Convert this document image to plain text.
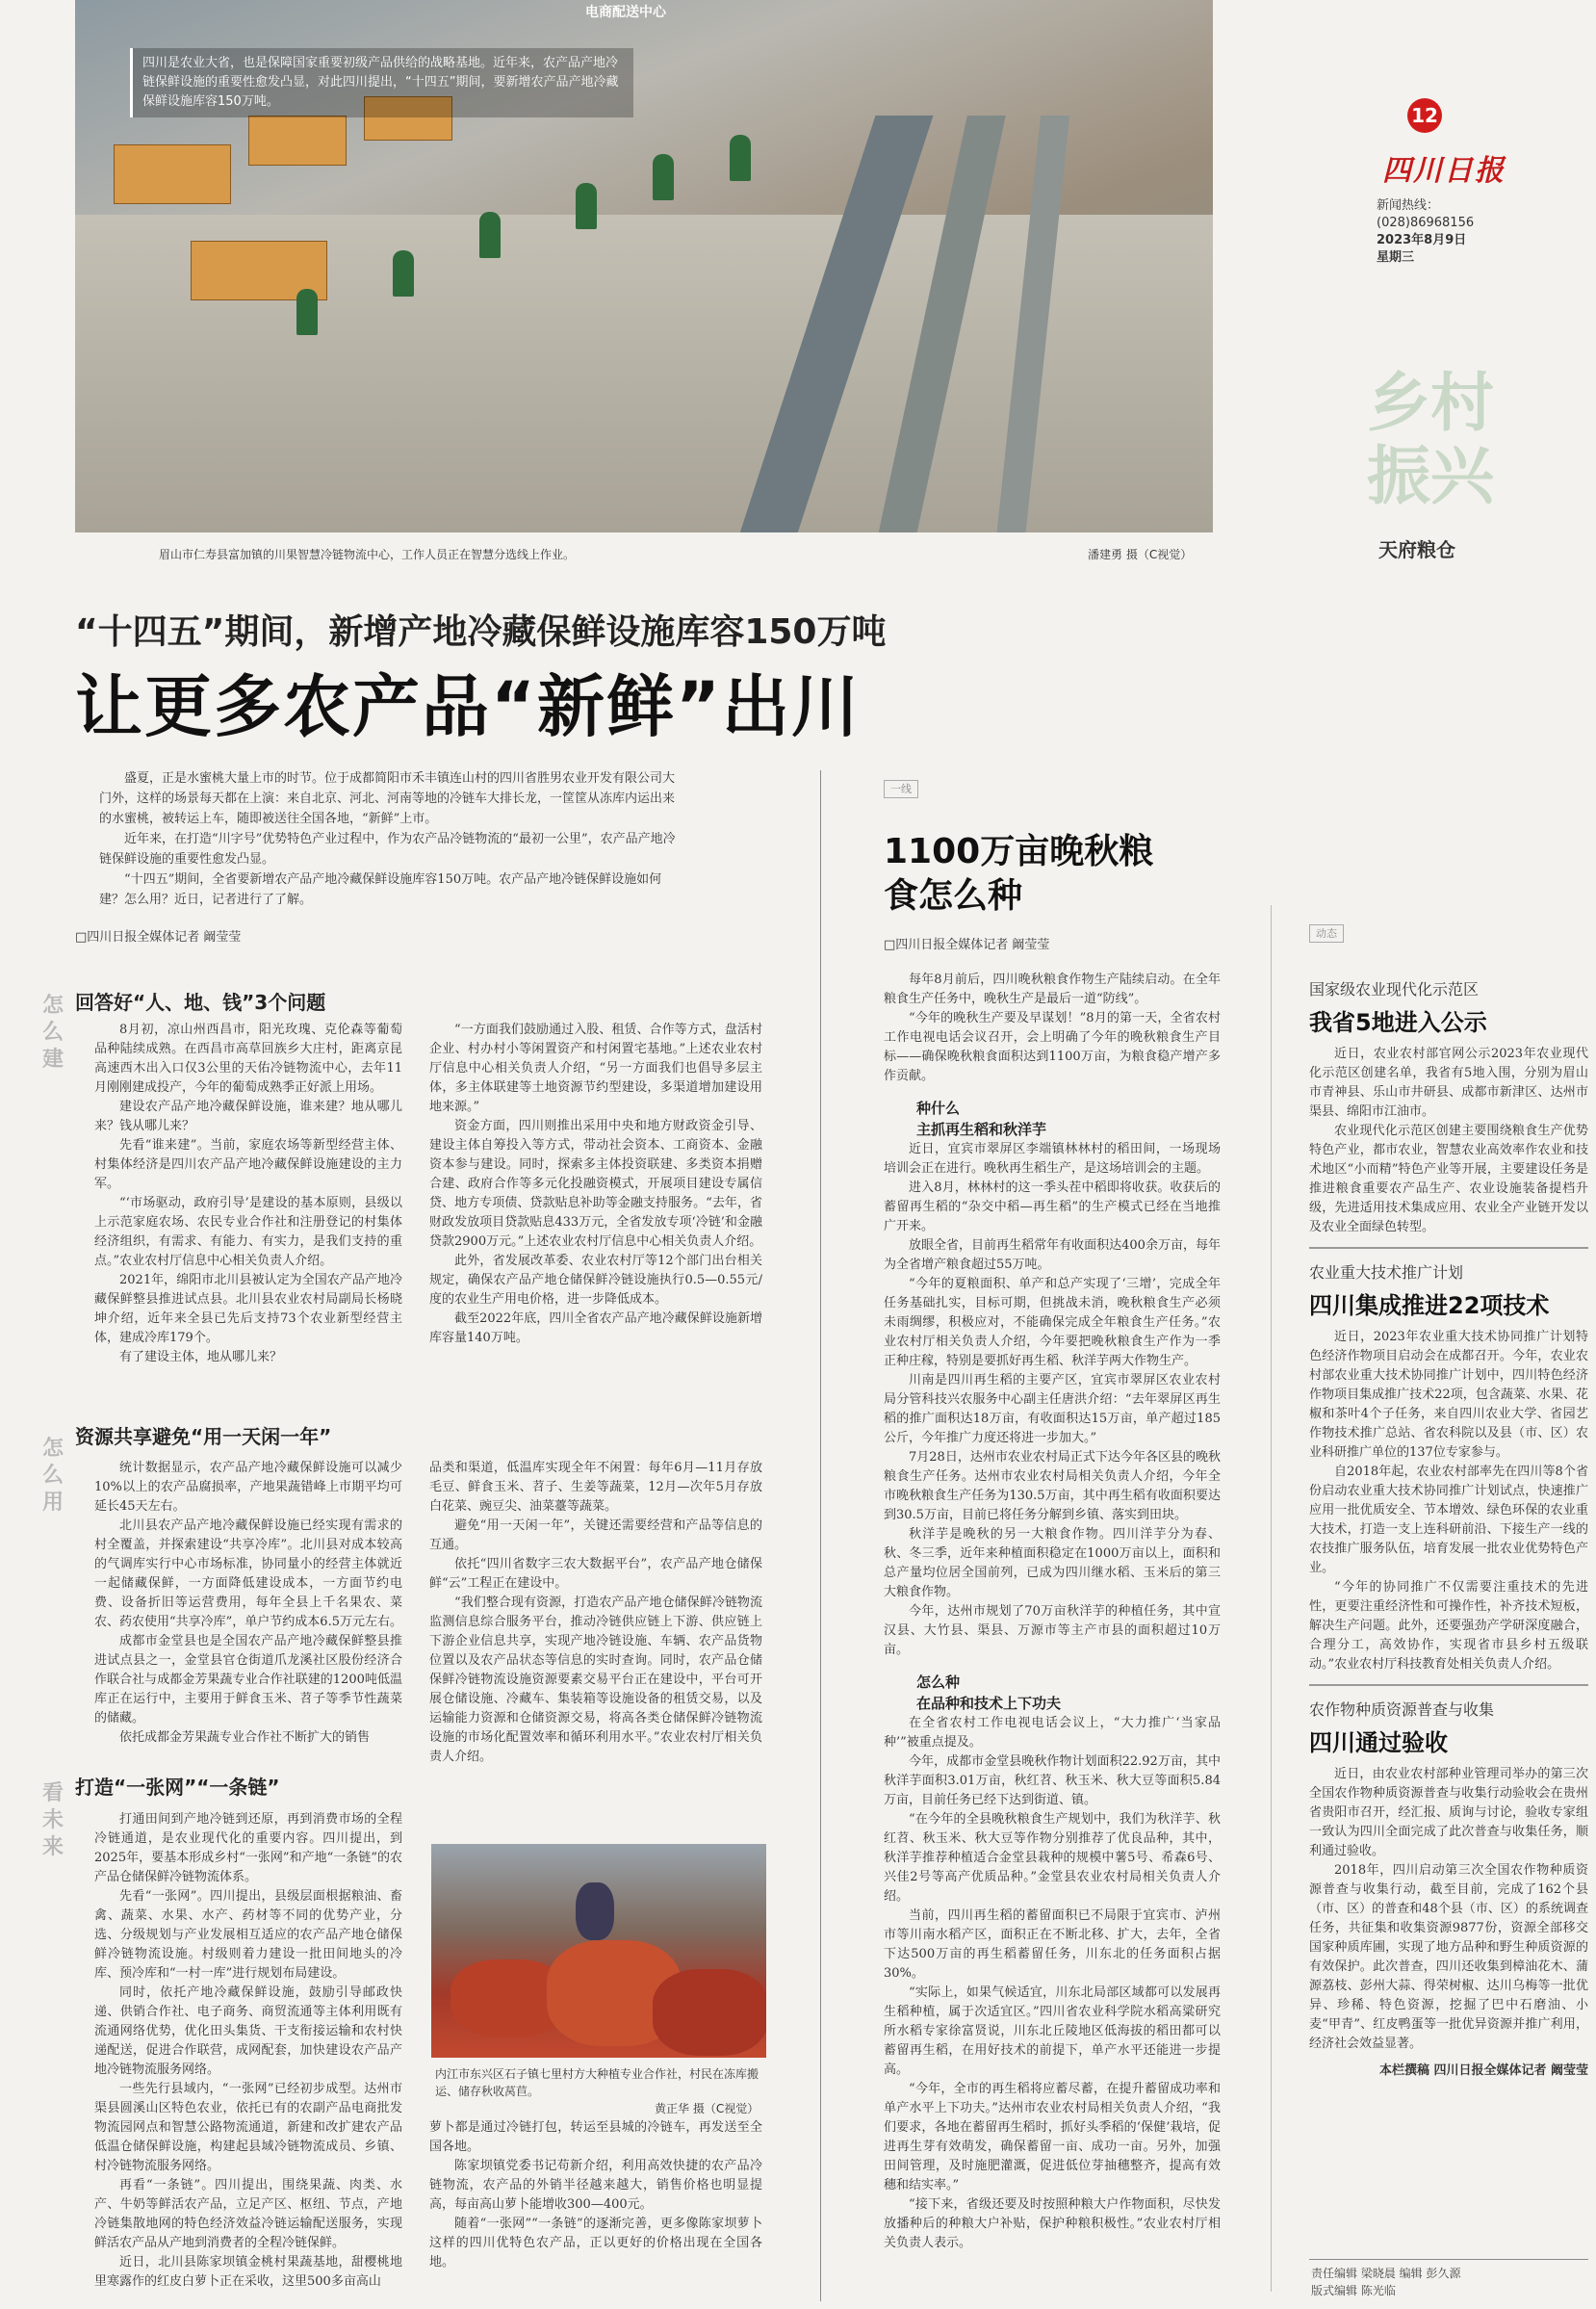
电商配送中心
四川是农业大省，也是保障国家重要初级产品供给的战略基地。近年来，农产品产地冷链保鲜设施的重要性愈发凸显，对此四川提出，“十四五”期间，要新增农产品产地冷藏保鲜设施库容150万吨。
眉山市仁寿县富加镇的川果智慧冷链物流中心，工作人员正在智慧分选线上作业。	潘建勇 摄（C视觉）
12
四川日报
新闻热线：
(028)86968156
2023年8月9日
星期三
乡村振兴
天府粮仓
“十四五”期间，新增产地冷藏保鲜设施库容150万吨
让更多农产品“新鲜”出川

盛夏，正是水蜜桃大量上市的时节。位于成都简阳市禾丰镇连山村的四川省胜男农业开发有限公司大门外，这样的场景每天都在上演：来自北京、河北、河南等地的冷链车大排长龙，一筐筐从冻库内运出来的水蜜桃，被转运上车，随即被送往全国各地，“新鲜”上市。

近年来，在打造“川字号”优势特色产业过程中，作为农产品冷链物流的“最初一公里”，农产品产地冷链保鲜设施的重要性愈发凸显。

“十四五”期间，全省要新增农产品产地冷藏保鲜设施库容150万吨。农产品产地冷链保鲜设施如何建？怎么用？近日，记者进行了了解。

□四川日报全媒体记者 阚莹莹
怎么建
回答好“人、地、钱”3个问题

8月初，凉山州西昌市，阳光玫瑰、克伦森等葡萄品种陆续成熟。在西昌市高草回族乡大庄村，距离京昆高速西木出入口仅3公里的天佑冷链物流中心，去年11月刚刚建成投产，今年的葡萄成熟季正好派上用场。

建设农产品产地冷藏保鲜设施，谁来建？地从哪儿来？钱从哪儿来？

先看“谁来建”。当前，家庭农场等新型经营主体、村集体经济是四川农产品产地冷藏保鲜设施建设的主力军。

“‘市场驱动，政府引导’是建设的基本原则，县级以上示范家庭农场、农民专业合作社和注册登记的村集体经济组织，有需求、有能力、有实力，是我们支持的重点。”农业农村厅信息中心相关负责人介绍。

2021年，绵阳市北川县被认定为全国农产品产地冷藏保鲜整县推进试点县。北川县农业农村局副局长杨晓坤介绍，近年来全县已先后支持73个农业新型经营主体，建成冷库179个。

有了建设主体，地从哪儿来？

“一方面我们鼓励通过入股、租赁、合作等方式，盘活村企业、村办村小等闲置资产和村闲置宅基地。”上述农业农村厅信息中心相关负责人介绍，“另一方面我们也倡导多层主体，多主体联建等土地资源节约型建设，多渠道增加建设用地来源。”

资金方面，四川则推出采用中央和地方财政资金引导、建设主体自筹投入等方式，带动社会资本、工商资本、金融资本参与建设。同时，探索多主体投资联建、多类资本捐赠合建、政府合作等多元化投融资模式，开展项目建设专属信贷、地方专项债、贷款贴息补助等金融支持服务。“去年，省财政发放项目贷款贴息433万元，全省发放专项‘冷链’和金融贷款2900万元。”上述农业农村厅信息中心相关负责人介绍。

此外，省发展改革委、农业农村厅等12个部门出台相关规定，确保农产品产地仓储保鲜冷链设施执行0.5—0.55元/度的农业生产用电价格，进一步降低成本。

截至2022年底，四川全省农产品产地冷藏保鲜设施新增库容量140万吨。

怎么用
资源共享避免“用一天闲一年”

统计数据显示，农产品产地冷藏保鲜设施可以减少10%以上的农产品腐损率，产地果蔬错峰上市期平均可延长45天左右。

北川县农产品产地冷藏保鲜设施已经实现有需求的村全覆盖，并探索建设“共享冷库”。北川县对成本较高的气调库实行中心市场标准，协同量小的经营主体就近一起储藏保鲜，一方面降低建设成本，一方面节约电费、设备折旧等运营费用，每年全县上千名果农、菜农、药农使用“共享冷库”，单户节约成本6.5万元左右。

成都市金堂县也是全国农产品产地冷藏保鲜整县推进试点县之一，金堂县官仓街道爪龙溪社区股份经济合作联合社与成都金芳果蔬专业合作社联建的1200吨低温库正在运行中，主要用于鲜食玉米、苕子等季节性蔬菜的储藏。

依托成都金芳果蔬专业合作社不断扩大的销售

品类和渠道，低温库实现全年不闲置：每年6月—11月存放毛豆、鲜食玉米、苕子、生姜等蔬菜，12月—次年5月存放白花菜、豌豆尖、油菜薹等蔬菜。

避免“用一天闲一年”，关键还需要经营和产品等信息的互通。

依托“四川省数字三农大数据平台”，农产品产地仓储保鲜“云”工程正在建设中。

“我们整合现有资源，打造农产品产地仓储保鲜冷链物流监测信息综合服务平台，推动冷链供应链上下游、供应链上下游企业信息共享，实现产地冷链设施、车辆、农产品货物位置以及农产品状态等信息的实时查询。同时，农产品仓储保鲜冷链物流设施资源要素交易平台正在建设中，平台可开展仓储设施、冷藏车、集装箱等设施设备的租赁交易，以及运输能力资源和仓储资源交易，将高各类仓储保鲜冷链物流设施的市场化配置效率和循环利用水平。”农业农村厅相关负责人介绍。

看未来
打造“一张网”“一条链”

打通田间到产地冷链到还原，再到消费市场的全程冷链通道，是农业现代化的重要内容。四川提出，到2025年，要基本形成乡村“一张网”和产地“一条链”的农产品仓储保鲜冷链物流体系。

先看“一张网”。四川提出，县级层面根据粮油、畜禽、蔬菜、水果、水产、药材等不同的优势产业，分选、分级规划与产业发展相互适应的农产品产地仓储保鲜冷链物流设施。村级则着力建设一批田间地头的冷库、预冷库和“一村一库”进行规划布局建设。

同时，依托产地冷藏保鲜设施，鼓励引导邮政快递、供销合作社、电子商务、商贸流通等主体利用既有流通网络优势，优化田头集货、干支衔接运输和农村快递配送，促进合作联营，成网配套，加快建设农产品产地冷链物流服务网络。

一些先行县域内，“一张网”已经初步成型。达州市渠县圆溪山区特色农业，依托已有的农副产品电商批发物流园网点和智慧公路物流通道，新建和改扩建农产品低温仓储保鲜设施，构建起县域冷链物流成员、乡镇、村冷链物流服务网络。

再看“一条链”。四川提出，围绕果蔬、肉类、水产、牛奶等鲜活农产品，立足产区、枢纽、节点，产地冷链集散地网的特色经济效益冷链运输配送服务，实现鲜活农产品从产地到消费者的全程冷链保鲜。

近日，北川县陈家坝镇金桃村果蔬基地，甜樱桃地里寒露作的红皮白萝卜正在采收，这里500多亩高山

内江市东兴区石子镇七里村方大种植专业合作社，村民在冻库搬运、储存秋收莴苣。
黄正华 摄（C视觉）

萝卜都是通过冷链打包，转运至县城的冷链车，再发送至全国各地。

陈家坝镇党委书记苟新介绍，利用高效快捷的农产品冷链物流，农产品的外销半径越来越大，销售价格也明显提高，每亩高山萝卜能增收300—400元。

随着“一张网”“一条链”的逐渐完善，更多像陈家坝萝卜这样的四川优特色农产品，正以更好的价格出现在全国各地。

一线
1100万亩晚秋粮食怎么种
□四川日报全媒体记者 阚莹莹

每年8月前后，四川晚秋粮食作物生产陆续启动。在全年粮食生产任务中，晚秋生产是最后一道“防线”。

“今年的晚秋生产要及早谋划！”8月的第一天，全省农村工作电视电话会议召开，会上明确了今年的晚秋粮食生产目标——确保晚秋粮食面积达到1100万亩，为粮食稳产增产多作贡献。

种什么
主抓再生稻和秋洋芋

近日，宜宾市翠屏区李端镇林林村的稻田间，一场现场培训会正在进行。晚秋再生稻生产，是这场培训会的主题。

进入8月，林林村的这一季头茬中稻即将收获。收获后的蓄留再生稻的“杂交中稻—再生稻”的生产模式已经在当地推广开来。

放眼全省，目前再生稻常年有收面积达400余万亩，每年为全省增产粮食超过55万吨。

“今年的夏粮面积、单产和总产实现了‘三增’，完成全年任务基础扎实，目标可期，但挑战未消，晚秋粮食生产必须未雨绸缪，积极应对，不能确保完成全年粮食生产任务。”农业农村厅相关负责人介绍，今年要把晚秋粮食生产作为一季正种庄稼，特别是要抓好再生稻、秋洋芋两大作物生产。

川南是四川再生稻的主要产区，宜宾市翠屏区农业农村局分管科技兴农服务中心副主任唐洪介绍：“去年翠屏区再生稻的推广面积达18万亩，有收面积达15万亩，单产超过185公斤，今年推广力度还将进一步加大。”

7月28日，达州市农业农村局正式下达今年各区县的晚秋粮食生产任务。达州市农业农村局相关负责人介绍，今年全市晚秋粮食生产任务为130.5万亩，其中再生稻有收面积要达到30.5万亩，目前已将任务分解到乡镇、落实到田块。

秋洋芋是晚秋的另一大粮食作物。四川洋芋分为春、秋、冬三季，近年来种植面积稳定在1000万亩以上，面积和总产量均位居全国前列，已成为四川继水稻、玉米后的第三大粮食作物。

今年，达州市规划了70万亩秋洋芋的种植任务，其中宣汉县、大竹县、渠县、万源市等主产市县的面积超过10万亩。

怎么种
在品种和技术上下功夫

在全省农村工作电视电话会议上，“大力推广‘当家品种’”被重点提及。

今年，成都市金堂县晚秋作物计划面积22.92万亩，其中秋洋芋面积3.01万亩，秋红苕、秋玉米、秋大豆等面积5.84万亩，目前任务已经下达到街道、镇。

“在今年的全县晚秋粮食生产规划中，我们为秋洋芋、秋红苕、秋玉米、秋大豆等作物分别推荐了优良品种，其中，秋洋芋推荐种植适合金堂县栽种的规模中薯5号、希森6号、兴佳2号等高产优质品种。”金堂县农业农村局相关负责人介绍。

当前，四川再生稻的蓄留面积已不局限于宜宾市、泸州市等川南水稻产区，面积正在不断北移、扩大，去年，全省下达500万亩的再生稻蓄留任务，川东北的任务面积占据30%。

“实际上，如果气候适宜，川东北局部区域都可以发展再生稻种植，属于次适宜区。”四川省农业科学院水稻高粱研究所水稻专家徐富贤说，川东北丘陵地区低海拔的稻田都可以蓄留再生稻，在用好技术的前提下，单产水平还能进一步提高。

“今年，全市的再生稻将应蓄尽蓄，在提升蓄留成功率和单产水平上下功夫。”达州市农业农村局相关负责人介绍，“我们要求，各地在蓄留再生稻时，抓好头季稻的‘保健’栽培，促进再生芽有效萌发，确保蓄留一亩、成功一亩。另外，加强田间管理，及时施肥灌溉，促进低位芽抽穗整齐，提高有效穗和结实率。”

“接下来，省级还要及时按照种粮大户作物面积，尽快发放播种后的种粮大户补贴，保护种粮积极性。”农业农村厅相关负责人表示。

动态
国家级农业现代化示范区
我省5地进入公示

近日，农业农村部官网公示2023年农业现代化示范区创建名单，我省有5地入围，分别为眉山市青神县、乐山市井研县、成都市新津区、达州市渠县、绵阳市江油市。

农业现代化示范区创建主要围绕粮食生产优势特色产业，都市农业，智慧农业高效率作农业和技术地区“小而精”特色产业等开展，主要建设任务是推进粮食重要农产品生产、农业设施装备提档升级，先进适用技术集成应用、农业全产业链开发以及农业全面绿色转型。

农业重大技术推广计划
四川集成推进22项技术

近日，2023年农业重大技术协同推广计划特色经济作物项目启动会在成都召开。今年，农业农村部农业重大技术协同推广计划中，四川特色经济作物项目集成推广技术22项，包含蔬菜、水果、花椒和茶叶4个子任务，来自四川农业大学、省园艺作物技术推广总站、省农科院以及县（市、区）农业科研推广单位的137位专家参与。

自2018年起，农业农村部率先在四川等8个省份启动农业重大技术协同推广计划试点，快速推广应用一批优质安全、节本增效、绿色环保的农业重大技术，打造一支上连科研前沿、下接生产一线的农技推广服务队伍，培育发展一批农业优势特色产业。

“今年的协同推广不仅需要注重技术的先进性，更要注重经济性和可操作性，补齐技术短板，解决生产问题。此外，还要强劲产学研深度融合，合理分工，高效协作，实现省市县乡村五级联动。”农业农村厅科技教育处相关负责人介绍。

农作物种质资源普查与收集
四川通过验收

近日，由农业农村部种业管理司举办的第三次全国农作物种质资源普查与收集行动验收会在贵州省贵阳市召开，经汇报、质询与讨论，验收专家组一致认为四川全面完成了此次普查与收集任务，顺利通过验收。

2018年，四川启动第三次全国农作物种质资源普查与收集行动，截至目前，完成了162个县（市、区）的普查和48个县（市、区）的系统调查任务，共征集和收集资源9877份，资源全部移交国家种质库圃，实现了地方品种和野生种质资源的有效保护。此次普查，四川还收集到樟油花木、蒲源荔枝、彭州大蒜、得荣树椒、达川乌梅等一批优异、珍稀、特色资源，挖掘了巴中石磨油、小麦“甲青”、红皮鸭蛋等一批优异资源并推广利用，经济社会效益显著。

本栏撰稿 四川日报全媒体记者 阚莹莹
责任编辑 梁晓晨 编辑 彭久源
版式编辑 陈光临
